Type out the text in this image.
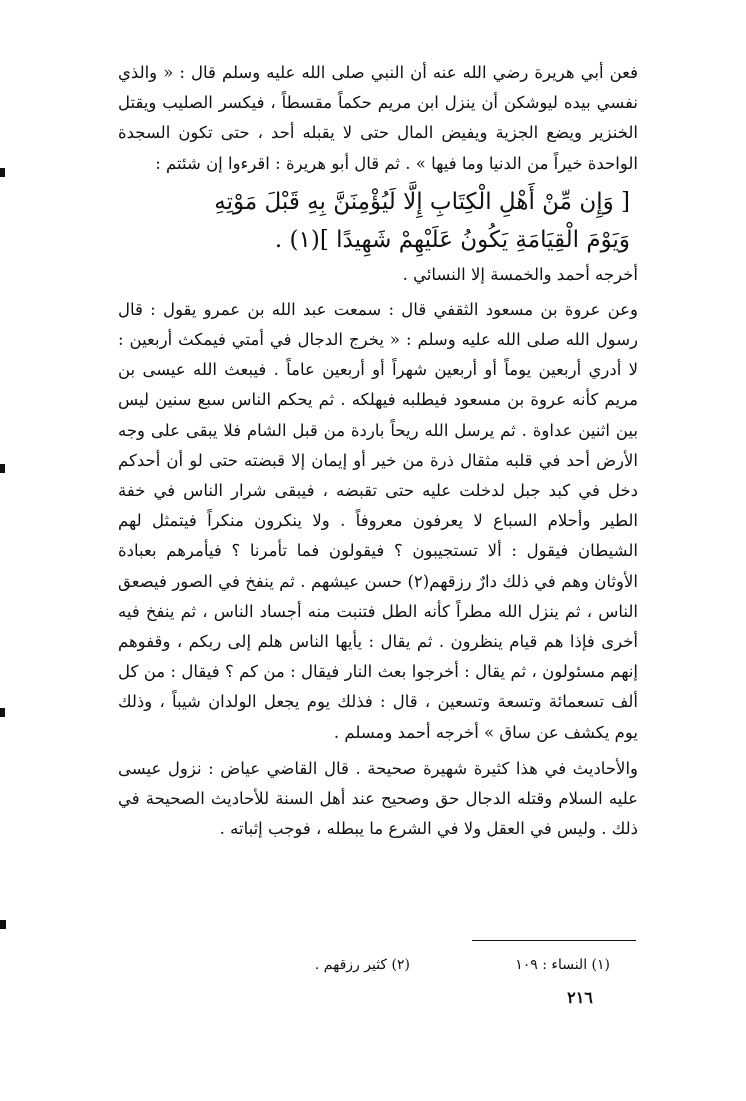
فعن أبي هريرة رضي الله عنه أن النبي صلى الله عليه وسلم قال : « والذي نفسي بيده ليوشكن أن ينزل ابن مريم حكماً مقسطاً ، فيكسر الصليب ويقتل الخنزير ويضع الجزية ويفيض المال حتى لا يقبله أحد ، حتى تكون السجدة الواحدة خيراً من الدنيا وما فيها » . ثم قال أبو هريرة : اقرءوا إن شئتم :

[ وَإِن مِّنْ أَهْلِ الْكِتَابِ إِلَّا لَيُؤْمِنَنَّ بِهِ قَبْلَ مَوْتِهِ
وَيَوْمَ الْقِيَامَةِ يَكُونُ عَلَيْهِمْ شَهِيدًا ](١) .

أخرجه أحمد والخمسة إلا النسائي .

وعن عروة بن مسعود الثقفي قال : سمعت عبد الله بن عمرو يقول : قال رسول الله صلى الله عليه وسلم : « يخرج الدجال في أمتي فيمكث أربعين : لا أدري أربعين يوماً أو أربعين شهراً أو أربعين عاماً . فيبعث الله عيسى بن مريم كأنه عروة بن مسعود فيطلبه فيهلكه . ثم يحكم الناس سبع سنين ليس بين اثنين عداوة . ثم يرسل الله ريحاً باردة من قبل الشام فلا يبقى على وجه الأرض أحد في قلبه مثقال ذرة من خير أو إيمان إلا قبضته حتى لو أن أحدكم دخل في كبد جبل لدخلت عليه حتى تقبضه ، فيبقى شرار الناس في خفة الطير وأحلام السباع لا يعرفون معروفاً . ولا ينكرون منكراً فيتمثل لهم الشيطان فيقول : ألا تستجيبون ؟ فيقولون فما تأمرنا ؟ فيأمرهم بعبادة الأوثان وهم في ذلك دارٌ رزقهم(٢) حسن عيشهم . ثم ينفخ في الصور فيصعق الناس ، ثم ينزل الله مطراً كأنه الطل فتنبت منه أجساد الناس ، ثم ينفخ فيه أخرى فإذا هم قيام ينظرون . ثم يقال : يأيها الناس هلم إلى ربكم ، وقفوهم إنهم مسئولون ، ثم يقال : أخرجوا بعث النار فيقال : من كم ؟ فيقال : من كل ألف تسعمائة وتسعة وتسعين ، قال : فذلك يوم يجعل الولدان شيباً ، وذلك يوم يكشف عن ساق » أخرجه أحمد ومسلم .

والأحاديث في هذا كثيرة شهيرة صحيحة . قال القاضي عياض : نزول عيسى عليه السلام وقتله الدجال حق وصحيح عند أهل السنة للأحاديث الصحيحة في ذلك . وليس في العقل ولا في الشرع ما يبطله ، فوجب إثباته .

(١) النساء : ١٠٩
(٢) كثير رزقهم .
٢١٦
